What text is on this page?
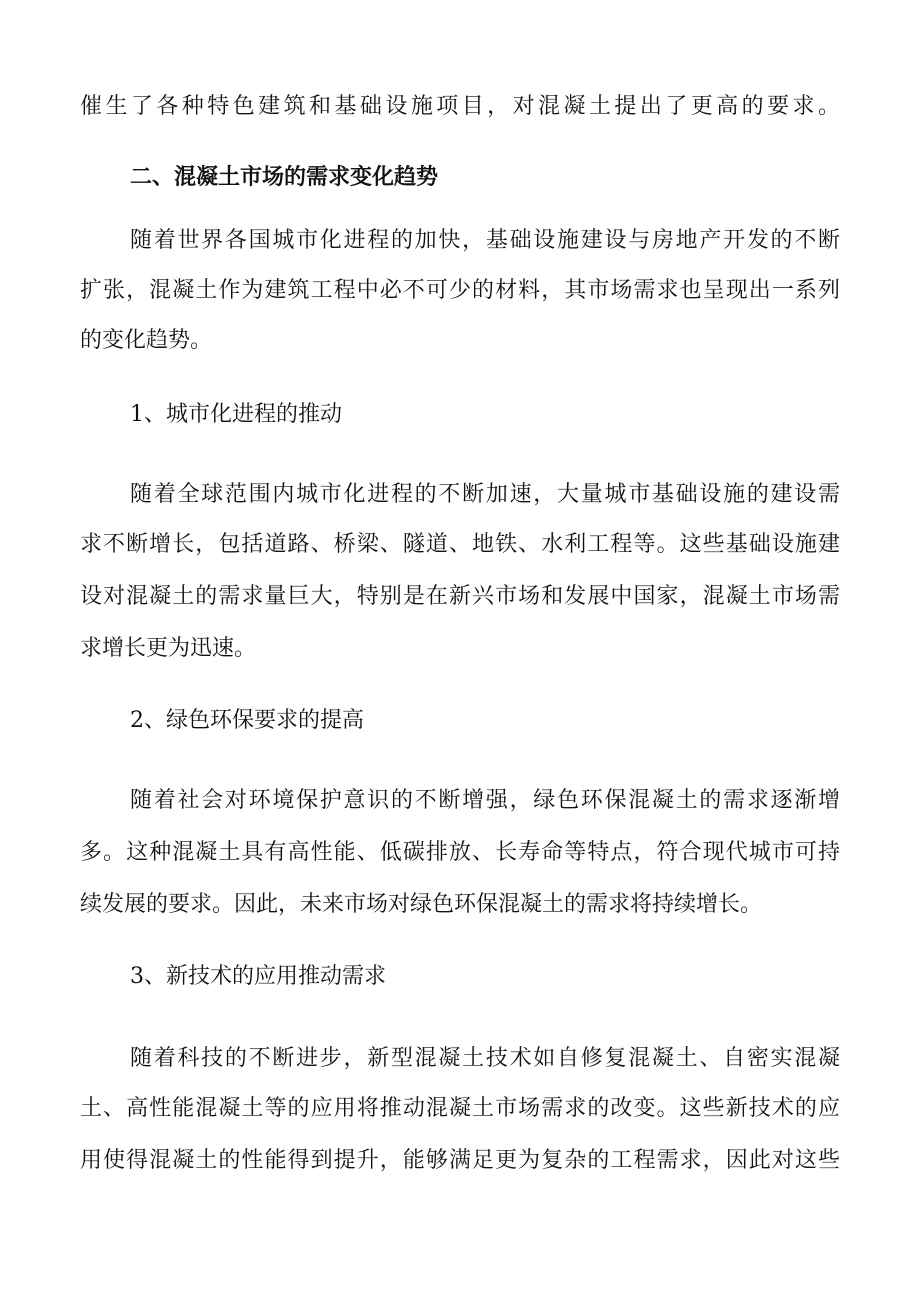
催生了各种特色建筑和基础设施项目，对混凝土提出了更高的要求。
二、混凝土市场的需求变化趋势
随着世界各国城市化进程的加快，基础设施建设与房地产开发的不断
扩张，混凝土作为建筑工程中必不可少的材料，其市场需求也呈现出一系列
的变化趋势。
1、城市化进程的推动
随着全球范围内城市化进程的不断加速，大量城市基础设施的建设需
求不断增长，包括道路、桥梁、隧道、地铁、水利工程等。这些基础设施建
设对混凝土的需求量巨大，特别是在新兴市场和发展中国家，混凝土市场需
求增长更为迅速。
2、绿色环保要求的提高
随着社会对环境保护意识的不断增强，绿色环保混凝土的需求逐渐增
多。这种混凝土具有高性能、低碳排放、长寿命等特点，符合现代城市可持
续发展的要求。因此，未来市场对绿色环保混凝土的需求将持续增长。
3、新技术的应用推动需求
随着科技的不断进步，新型混凝土技术如自修复混凝土、自密实混凝
土、高性能混凝土等的应用将推动混凝土市场需求的改变。这些新技术的应
用使得混凝土的性能得到提升，能够满足更为复杂的工程需求，因此对这些
